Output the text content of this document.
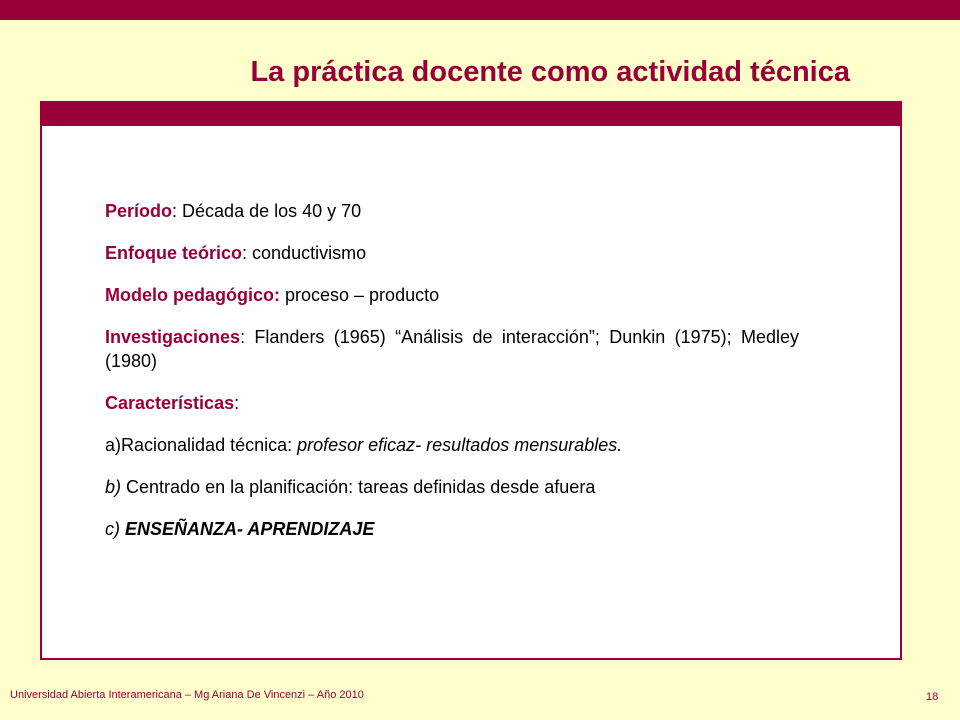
La práctica docente como actividad técnica

Período: Década de los 40 y 70

Enfoque teórico: conductivismo

Modelo pedagógico: proceso – producto

Investigaciones: Flanders (1965) “Análisis de interacción”; Dunkin (1975); Medley (1980)

Características:

a)Racionalidad técnica: profesor eficaz- resultados mensurables.

b) Centrado en la planificación: tareas definidas desde afuera

c) ENSEÑANZA- APRENDIZAJE

Universidad Abierta Interamericana – Mg Ariana De Vincenzi – Año 2010	18
